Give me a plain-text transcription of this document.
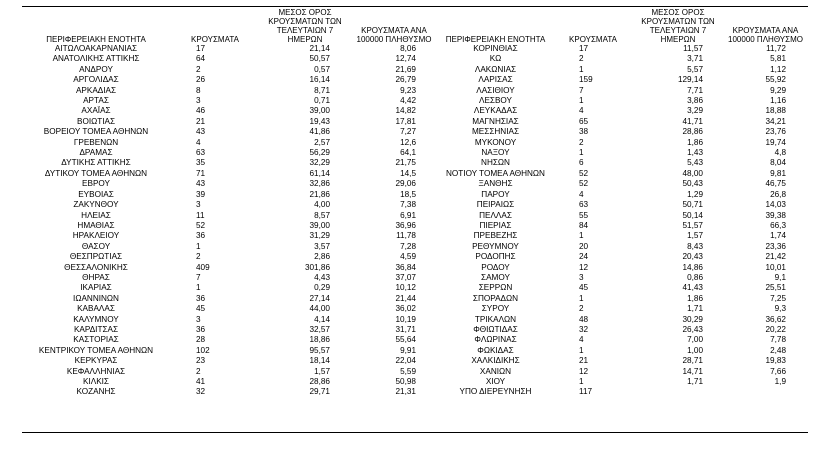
ΠΕΡΙΦΕΡΕΙΑΚΗ ΕΝΟΤΗΤΑ	ΚΡΟΥΣΜΑΤΑ	ΜΕΣΟΣ ΟΡΟΣ ΚΡΟΥΣΜΑΤΩΝ ΤΩΝ ΤΕΛΕΥΤΑΙΩΝ 7 ΗΜΕΡΩΝ	ΚΡΟΥΣΜΑΤΑ ΑΝΑ 100000 ΠΛΗΘΥΣΜΟ	ΠΕΡΙΦΕΡΕΙΑΚΗ ΕΝΟΤΗΤΑ	ΚΡΟΥΣΜΑΤΑ	ΜΕΣΟΣ ΟΡΟΣ ΚΡΟΥΣΜΑΤΩΝ ΤΩΝ ΤΕΛΕΥΤΑΙΩΝ 7 ΗΜΕΡΩΝ	ΚΡΟΥΣΜΑΤΑ ΑΝΑ 100000 ΠΛΗΘΥΣΜΟ
ΑΙΤΩΛΟΑΚΑΡΝΑΝΙΑΣ	17	21,14	8,06	ΚΟΡΙΝΘΙΑΣ	17	11,57	11,72
ΑΝΑΤΟΛΙΚΗΣ ΑΤΤΙΚΗΣ	64	50,57	12,74	ΚΩ	2	3,71	5,81
ΑΝΔΡΟΥ	2	0,57	21,69	ΛΑΚΩΝΙΑΣ	1	5,57	1,12
ΑΡΓΟΛΙΔΑΣ	26	16,14	26,79	ΛΑΡΙΣΑΣ	159	129,14	55,92
ΑΡΚΑΔΙΑΣ	8	8,71	9,23	ΛΑΣΙΘΙΟΥ	7	7,71	9,29
ΑΡΤΑΣ	3	0,71	4,42	ΛΕΣΒΟΥ	1	3,86	1,16
ΑΧΑΪΑΣ	46	39,00	14,82	ΛΕΥΚΑΔΑΣ	4	3,29	18,88
ΒΟΙΩΤΙΑΣ	21	19,43	17,81	ΜΑΓΝΗΣΙΑΣ	65	41,71	34,21
ΒΟΡΕΙΟΥ ΤΟΜΕΑ ΑΘΗΝΩΝ	43	41,86	7,27	ΜΕΣΣΗΝΙΑΣ	38	28,86	23,76
ΓΡΕΒΕΝΩΝ	4	2,57	12,6	ΜΥΚΟΝΟΥ	2	1,86	19,74
ΔΡΑΜΑΣ	63	56,29	64,1	ΝΑΞΟΥ	1	1,43	4,8
ΔΥΤΙΚΗΣ ΑΤΤΙΚΗΣ	35	32,29	21,75	ΝΗΣΩΝ	6	5,43	8,04
ΔΥΤΙΚΟΥ ΤΟΜΕΑ ΑΘΗΝΩΝ	71	61,14	14,5	ΝΟΤΙΟΥ ΤΟΜΕΑ ΑΘΗΝΩΝ	52	48,00	9,81
ΕΒΡΟΥ	43	32,86	29,06	ΞΑΝΘΗΣ	52	50,43	46,75
ΕΥΒΟΙΑΣ	39	21,86	18,5	ΠΑΡΟΥ	4	1,29	26,8
ΖΑΚΥΝΘΟΥ	3	4,00	7,38	ΠΕΙΡΑΙΩΣ	63	50,71	14,03
ΗΛΕΙΑΣ	11	8,57	6,91	ΠΕΛΛΑΣ	55	50,14	39,38
ΗΜΑΘΙΑΣ	52	39,00	36,96	ΠΙΕΡΙΑΣ	84	51,57	66,3
ΗΡΑΚΛΕΙΟΥ	36	31,29	11,78	ΠΡΕΒΕΖΗΣ	1	1,57	1,74
ΘΑΣΟΥ	1	3,57	7,28	ΡΕΘΥΜΝΟΥ	20	8,43	23,36
ΘΕΣΠΡΩΤΙΑΣ	2	2,86	4,59	ΡΟΔΟΠΗΣ	24	20,43	21,42
ΘΕΣΣΑΛΟΝΙΚΗΣ	409	301,86	36,84	ΡΟΔΟΥ	12	14,86	10,01
ΘΗΡΑΣ	7	4,43	37,07	ΣΑΜΟΥ	3	0,86	9,1
ΙΚΑΡΙΑΣ	1	0,29	10,12	ΣΕΡΡΩΝ	45	41,43	25,51
ΙΩΑΝΝΙΝΩΝ	36	27,14	21,44	ΣΠΟΡΑΔΩΝ	1	1,86	7,25
ΚΑΒΑΛΑΣ	45	44,00	36,02	ΣΥΡΟΥ	2	1,71	9,3
ΚΑΛΥΜΝΟΥ	3	4,14	10,19	ΤΡΙΚΑΛΩΝ	48	30,29	36,62
ΚΑΡΔΙΤΣΑΣ	36	32,57	31,71	ΦΘΙΩΤΙΔΑΣ	32	26,43	20,22
ΚΑΣΤΟΡΙΑΣ	28	18,86	55,64	ΦΛΩΡΙΝΑΣ	4	7,00	7,78
ΚΕΝΤΡΙΚΟΥ ΤΟΜΕΑ ΑΘΗΝΩΝ	102	95,57	9,91	ΦΩΚΙΔΑΣ	1	1,00	2,48
ΚΕΡΚΥΡΑΣ	23	18,14	22,04	ΧΑΛΚΙΔΙΚΗΣ	21	28,71	19,83
ΚΕΦΑΛΛΗΝΙΑΣ	2	1,57	5,59	ΧΑΝΙΩΝ	12	14,71	7,66
ΚΙΛΚΙΣ	41	28,86	50,98	ΧΙΟΥ	1	1,71	1,9
ΚΟΖΑΝΗΣ	32	29,71	21,31	ΥΠΟ ΔΙΕΡΕΥΝΗΣΗ	117		
